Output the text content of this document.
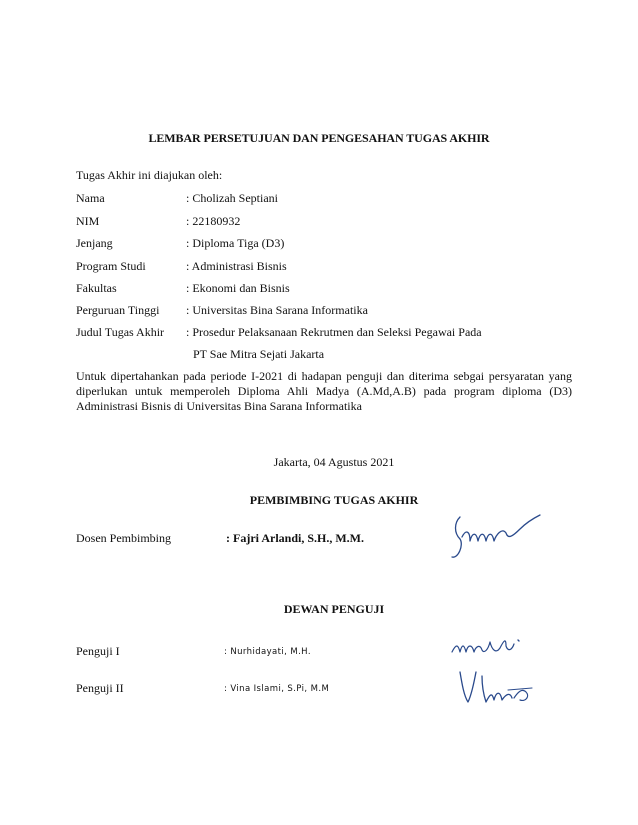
LEMBAR PERSETUJUAN DAN PENGESAHAN TUGAS AKHIR
Tugas Akhir ini diajukan oleh:
Nama	: Cholizah Septiani
NIM	: 22180932
Jenjang	: Diploma Tiga (D3)
Program Studi	: Administrasi Bisnis
Fakultas	: Ekonomi dan Bisnis
Perguruan Tinggi : Universitas Bina Sarana Informatika
Judul Tugas Akhir : Prosedur Pelaksanaan Rekrutmen dan Seleksi Pegawai Pada
PT Sae Mitra Sejati Jakarta
Untuk dipertahankan pada periode I-2021 di hadapan penguji dan diterima sebgai persyaratan yang diperlukan untuk memperoleh Diploma Ahli Madya (A.Md,A.B) pada program diploma (D3) Administrasi Bisnis di Universitas Bina Sarana Informatika
Jakarta, 04 Agustus 2021
PEMBIMBING TUGAS AKHIR
Dosen Pembimbing	: Fajri Arlandi, S.H., M.M.
DEWAN PENGUJI
Penguji I	: Nurhidayati, M.H.
Penguji II	: Vina Islami, S.Pi, M.M
